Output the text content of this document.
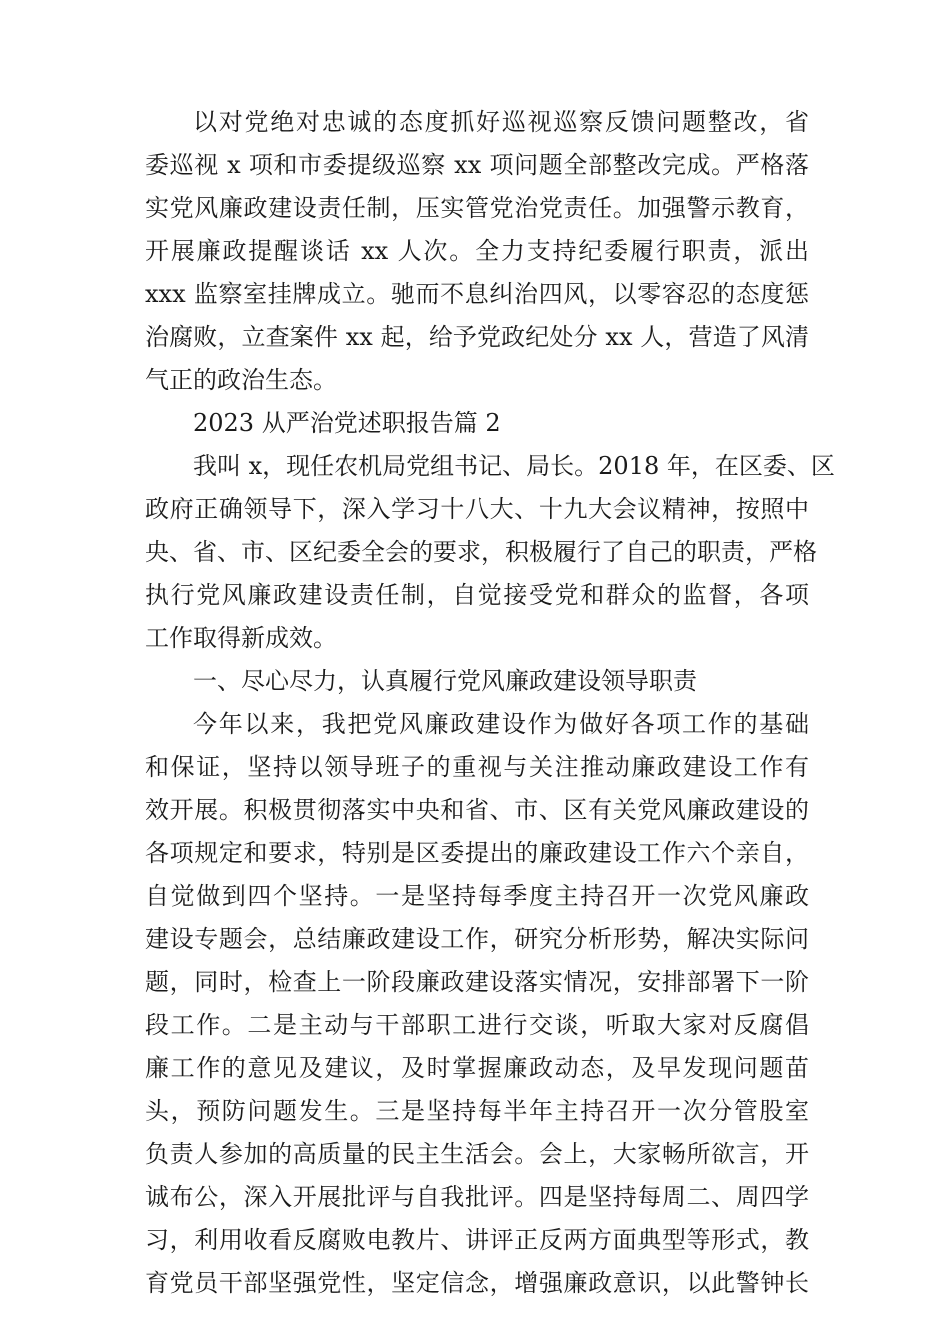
以对党绝对忠诚的态度抓好巡视巡察反馈问题整改，省
委巡视 x 项和市委提级巡察 xx 项问题全部整改完成。严格落
实党风廉政建设责任制，压实管党治党责任。加强警示教育，
开展廉政提醒谈话 xx 人次。全力支持纪委履行职责，派出
xxx 监察室挂牌成立。驰而不息纠治四风，以零容忍的态度惩
治腐败，立查案件 xx 起，给予党政纪处分 xx 人，营造了风清
气正的政治生态。
2023 从严治党述职报告篇 2
我叫 x，现任农机局党组书记、局长。2018 年，在区委、区
政府正确领导下，深入学习十八大、十九大会议精神，按照中
央、省、市、区纪委全会的要求，积极履行了自己的职责，严格
执行党风廉政建设责任制，自觉接受党和群众的监督，各项
工作取得新成效。
一、尽心尽力，认真履行党风廉政建设领导职责
今年以来，我把党风廉政建设作为做好各项工作的基础
和保证，坚持以领导班子的重视与关注推动廉政建设工作有
效开展。积极贯彻落实中央和省、市、区有关党风廉政建设的
各项规定和要求，特别是区委提出的廉政建设工作六个亲自，
自觉做到四个坚持。一是坚持每季度主持召开一次党风廉政
建设专题会，总结廉政建设工作，研究分析形势，解决实际问
题，同时，检查上一阶段廉政建设落实情况，安排部署下一阶
段工作。二是主动与干部职工进行交谈，听取大家对反腐倡
廉工作的意见及建议，及时掌握廉政动态，及早发现问题苗
头，预防问题发生。三是坚持每半年主持召开一次分管股室
负责人参加的高质量的民主生活会。会上，大家畅所欲言，开
诚布公，深入开展批评与自我批评。四是坚持每周二、周四学
习，利用收看反腐败电教片、讲评正反两方面典型等形式，教
育党员干部坚强党性，坚定信念，增强廉政意识，以此警钟长
